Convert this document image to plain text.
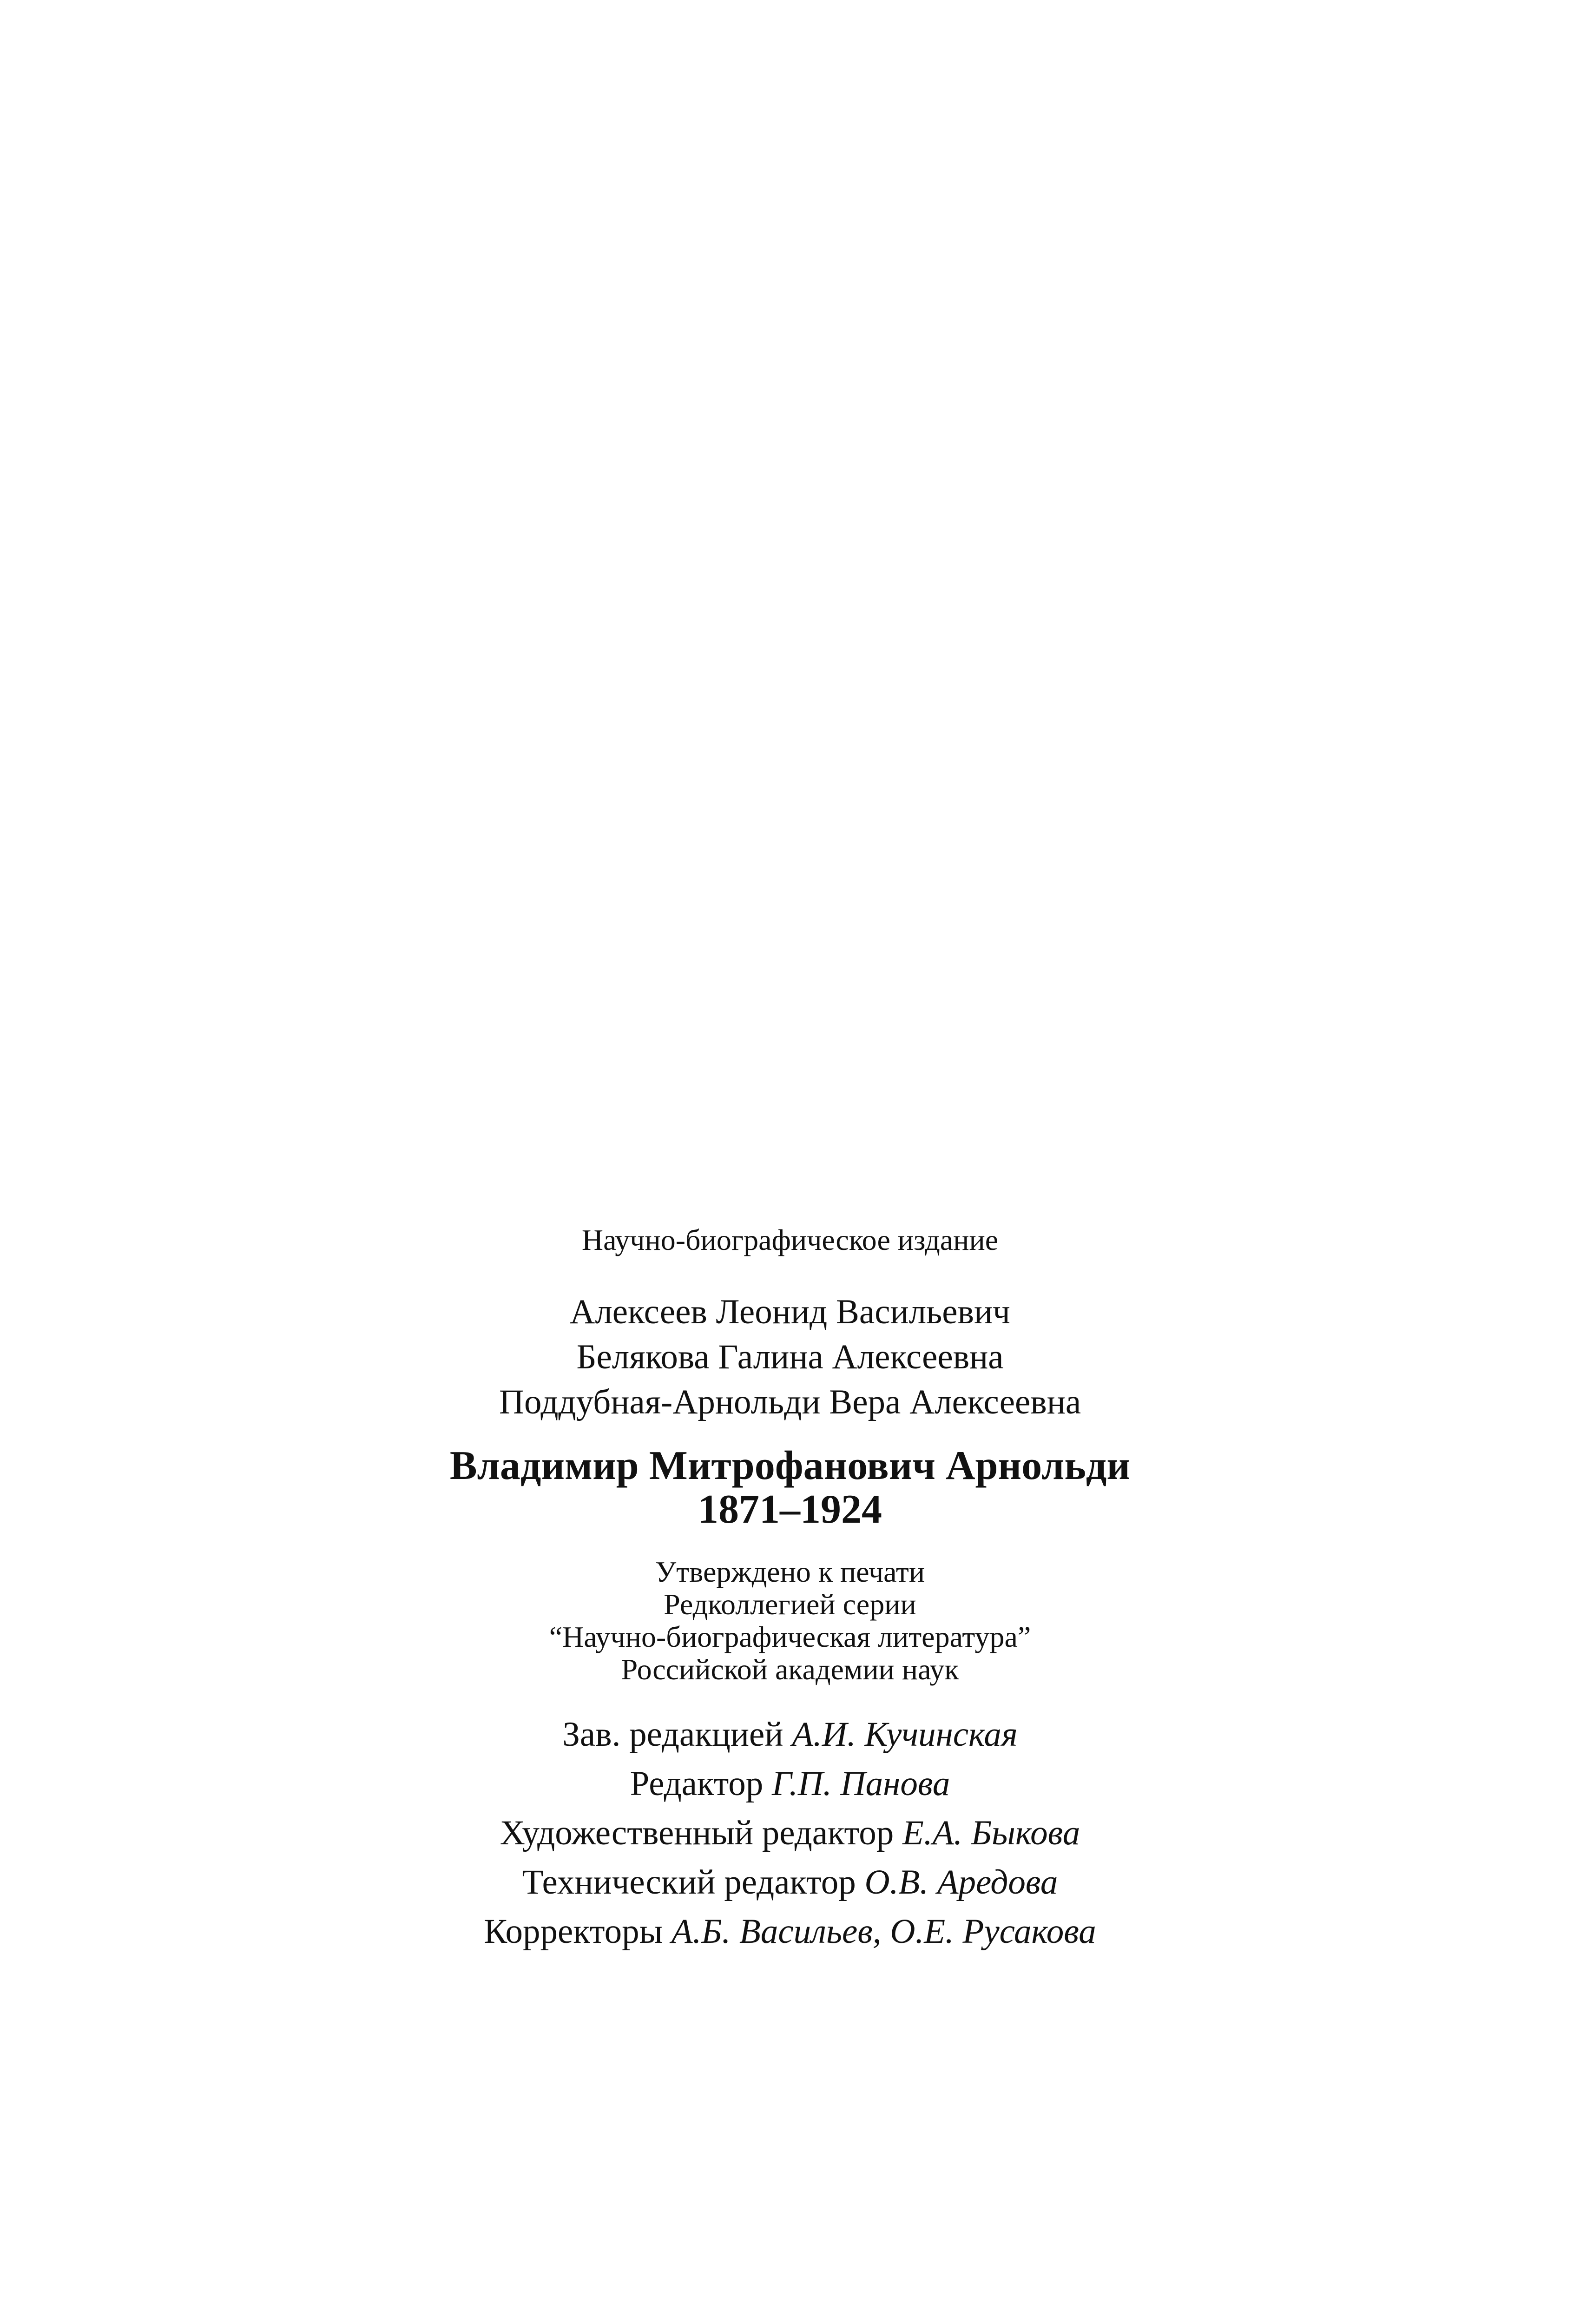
Научно-биографическое издание
Алексеев Леонид Васильевич
Белякова Галина Алексеевна
Поддубная-Арнольди Вера Алексеевна
Владимир Митрофанович Арнольди
1871–1924
Утверждено к печати
Редколлегией серии
“Научно-биографическая литература”
Российской академии наук
Зав. редакцией А.И. Кучинская
Редактор Г.П. Панова
Художественный редактор Е.А. Быкова
Технический редактор О.В. Аредова
Корректоры А.Б. Васильев, О.Е. Русакова
